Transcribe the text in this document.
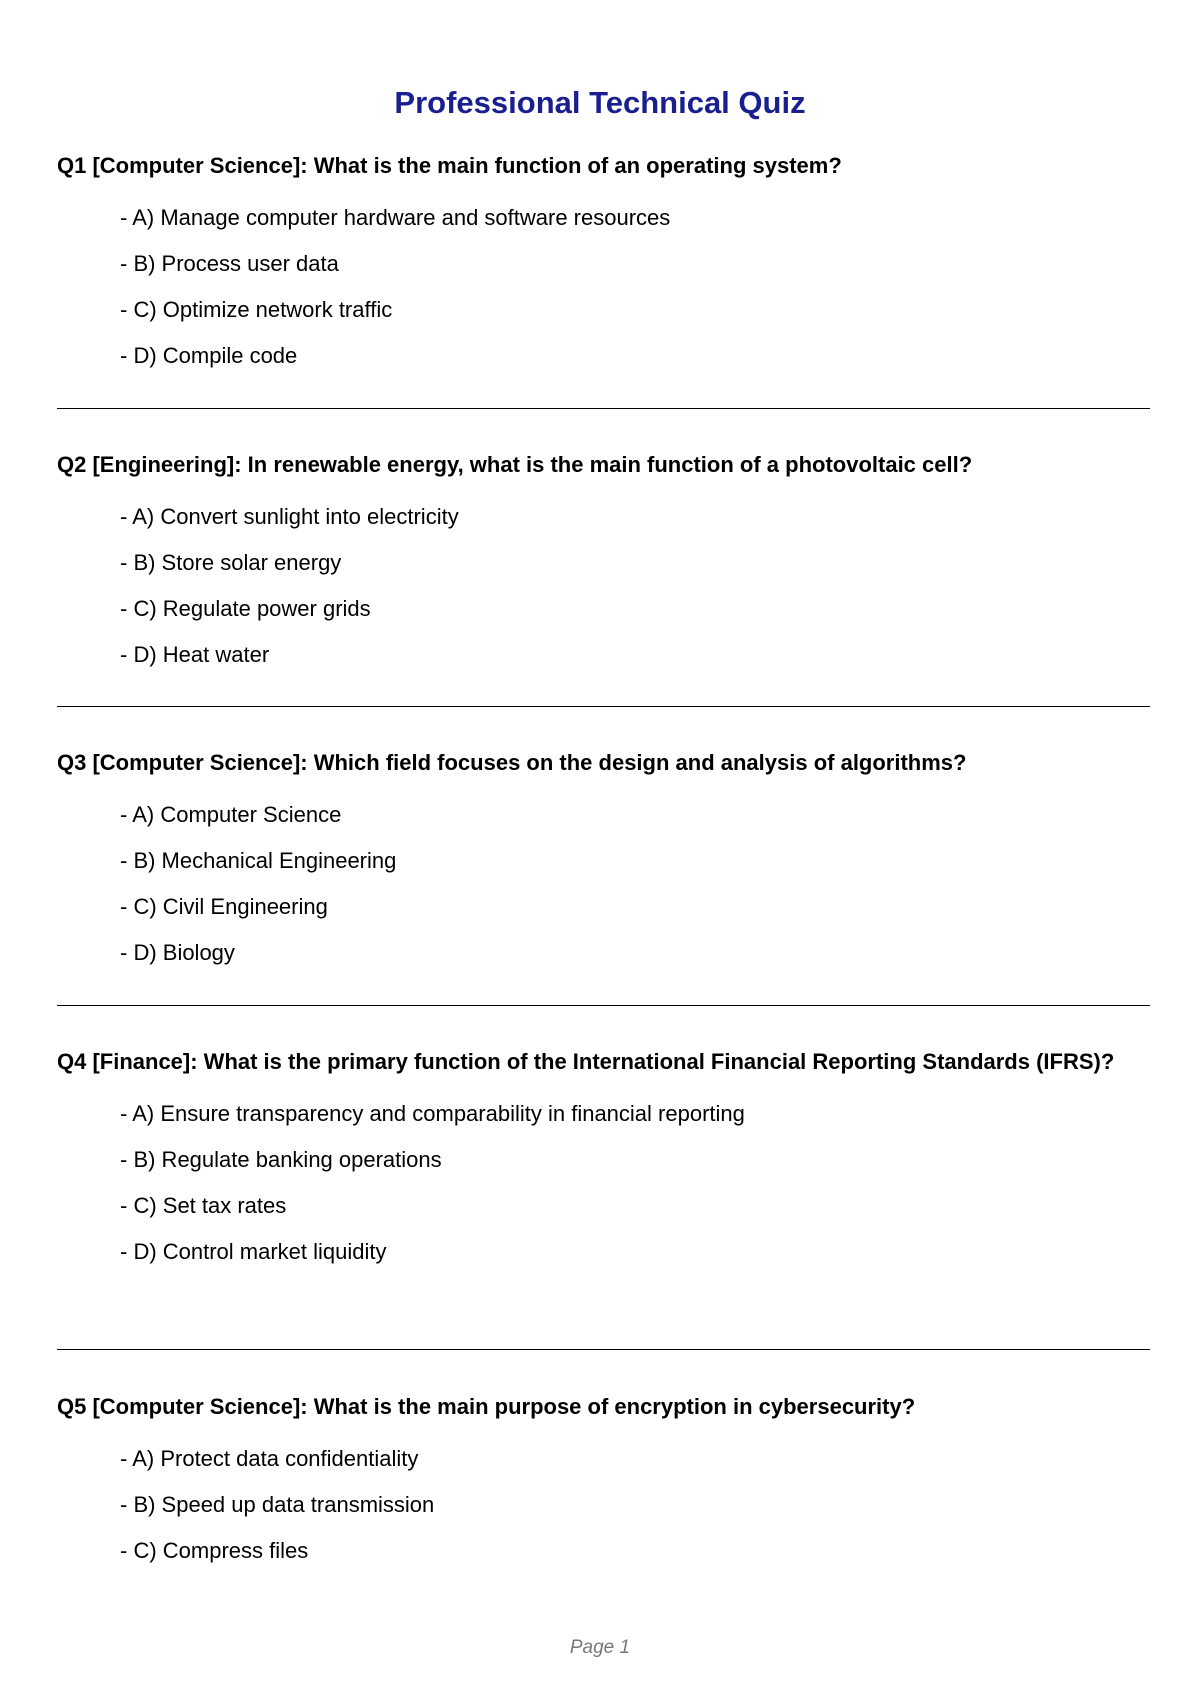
Professional Technical Quiz

Q1 [Computer Science]: What is the main function of an operating system?

- A) Manage computer hardware and software resources
- B) Process user data
- C) Optimize network traffic
- D) Compile code

Q2 [Engineering]: In renewable energy, what is the main function of a photovoltaic cell?

- A) Convert sunlight into electricity
- B) Store solar energy
- C) Regulate power grids
- D) Heat water

Q3 [Computer Science]: Which field focuses on the design and analysis of algorithms?

- A) Computer Science
- B) Mechanical Engineering
- C) Civil Engineering
- D) Biology

Q4 [Finance]: What is the primary function of the International Financial Reporting Standards (IFRS)?

- A) Ensure transparency and comparability in financial reporting
- B) Regulate banking operations
- C) Set tax rates
- D) Control market liquidity

Q5 [Computer Science]: What is the main purpose of encryption in cybersecurity?

- A) Protect data confidentiality
- B) Speed up data transmission
- C) Compress files
Page 1
